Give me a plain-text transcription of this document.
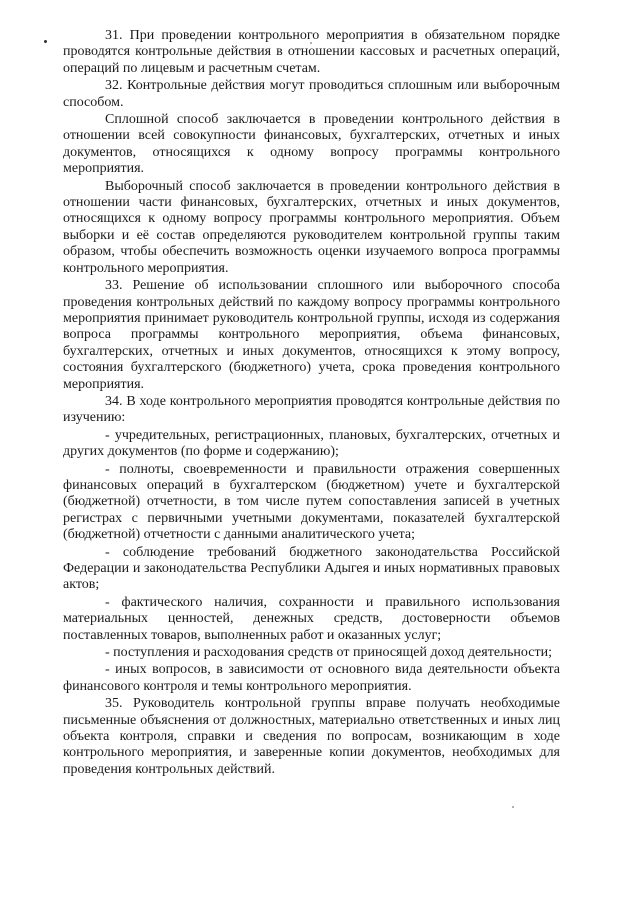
31. При проведении контрольного мероприятия в обязательном порядке проводятся контрольные действия в отношении кассовых и расчетных операций, операций по лицевым и расчетным счетам.

32. Контрольные действия могут проводиться сплошным или выборочным способом.

Сплошной способ заключается в проведении контрольного действия в отношении всей совокупности финансовых, бухгалтерских, отчетных и иных документов, относящихся к одному вопросу программы контрольного мероприятия.

Выборочный способ заключается в проведении контрольного действия в отношении части финансовых, бухгалтерских, отчетных и иных документов, относящихся к одному вопросу программы контрольного мероприятия. Объем выборки и её состав определяются руководителем контрольной группы таким образом, чтобы обеспечить возможность оценки изучаемого вопроса программы контрольного мероприятия.

33. Решение об использовании сплошного или выборочного способа проведения контрольных действий по каждому вопросу программы контрольного мероприятия принимает руководитель контрольной группы, исходя из содержания вопроса программы контрольного мероприятия, объема финансовых, бухгалтерских, отчетных и иных документов, относящихся к этому вопросу, состояния бухгалтерского (бюджетного) учета, срока проведения контрольного мероприятия.

34. В ходе контрольного мероприятия проводятся контрольные действия по изучению:

- учредительных, регистрационных, плановых, бухгалтерских, отчетных и других документов (по форме и содержанию);

- полноты, своевременности и правильности отражения совершенных финансовых операций в бухгалтерском (бюджетном) учете и бухгалтерской (бюджетной) отчетности, в том числе путем сопоставления записей в учетных регистрах с первичными учетными документами, показателей бухгалтерской (бюджетной) отчетности с данными аналитического учета;

- соблюдение требований бюджетного законодательства Российской Федерации и законодательства Республики Адыгея и иных нормативных правовых актов;

- фактического наличия, сохранности и правильного использования материальных ценностей, денежных средств, достоверности объемов поставленных товаров, выполненных работ и оказанных услуг;

- поступления и расходования средств от приносящей доход деятельности;

- иных вопросов, в зависимости от основного вида деятельности объекта финансового контроля и темы контрольного мероприятия.

35. Руководитель контрольной группы вправе получать необходимые письменные объяснения от должностных, материально ответственных и иных лиц объекта контроля, справки и сведения по вопросам, возникающим в ходе контрольного мероприятия, и заверенные копии документов, необходимых для проведения контрольных действий.
